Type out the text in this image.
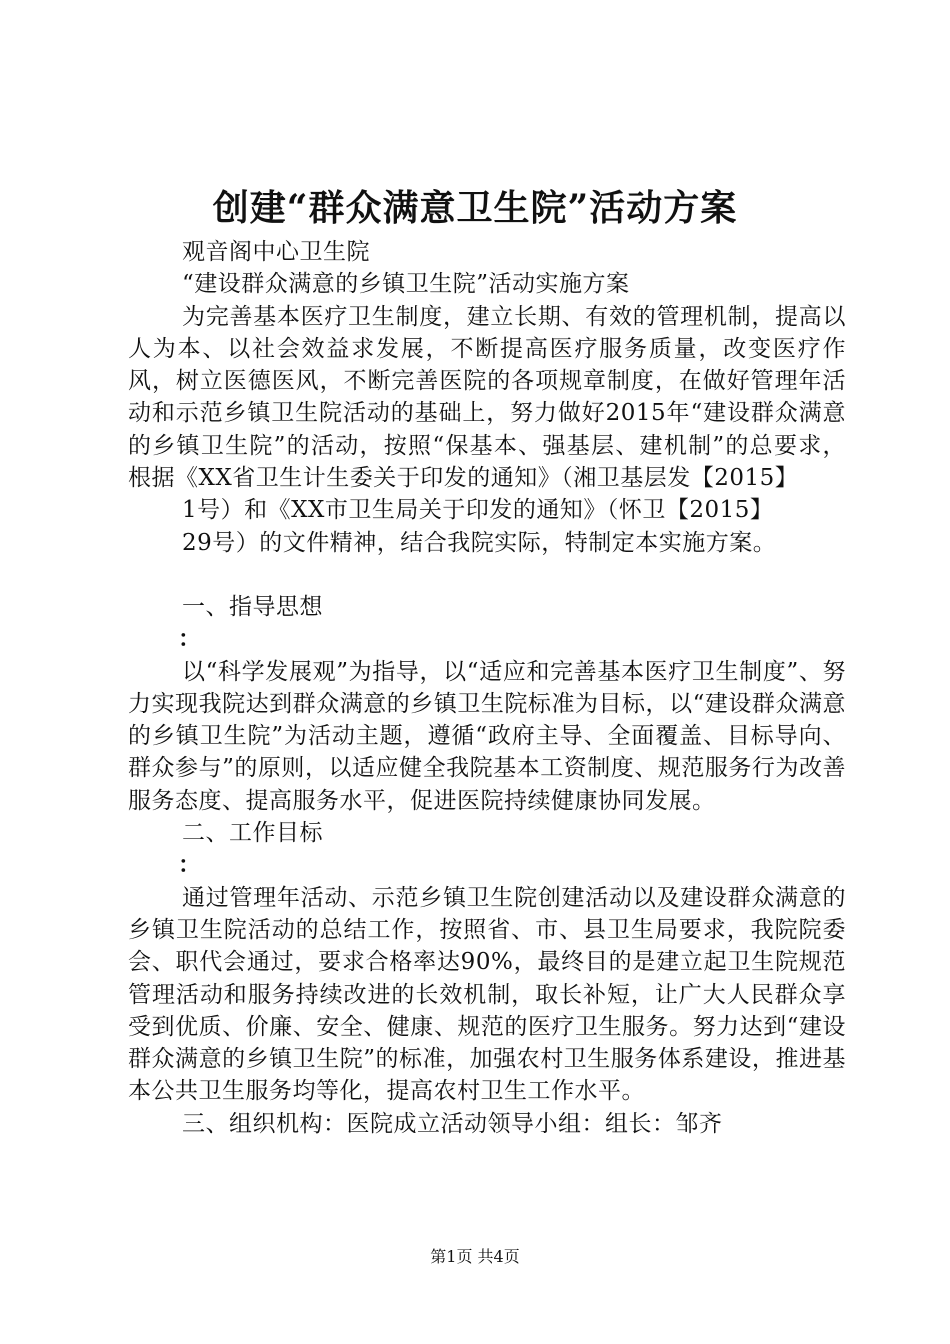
创建“群众满意卫生院”活动方案

观音阁中心卫生院

“建设群众满意的乡镇卫生院”活动实施方案

为完善基本医疗卫生制度，建立长期、有效的管理机制，提高以人为本、以社会效益求发展，不断提高医疗服务质量，改变医疗作风，树立医德医风，不断完善医院的各项规章制度，在做好管理年活动和示范乡镇卫生院活动的基础上，努力做好2015年“建设群众满意的乡镇卫生院”的活动，按照“保基本、强基层、建机制”的总要求，根据《XX省卫生计生委关于印发的通知》（湘卫基层发【2015】

1号）和《XX市卫生局关于印发的通知》（怀卫【2015】

29号）的文件精神，结合我院实际，特制定本实施方案。

一、指导思想

：

以“科学发展观”为指导，以“适应和完善基本医疗卫生制度”、努力实现我院达到群众满意的乡镇卫生院标准为目标，以“建设群众满意的乡镇卫生院”为活动主题，遵循“政府主导、全面覆盖、目标导向、群众参与”的原则，以适应健全我院基本工资制度、规范服务行为改善服务态度、提高服务水平，促进医院持续健康协同发展。

二、工作目标

：

通过管理年活动、示范乡镇卫生院创建活动以及建设群众满意的乡镇卫生院活动的总结工作，按照省、市、县卫生局要求，我院院委会、职代会通过，要求合格率达90%，最终目的是建立起卫生院规范管理活动和服务持续改进的长效机制，取长补短，让广大人民群众享受到优质、价廉、安全、健康、规范的医疗卫生服务。努力达到“建设群众满意的乡镇卫生院”的标准，加强农村卫生服务体系建设，推进基本公共卫生服务均等化，提高农村卫生工作水平。

三、组织机构：医院成立活动领导小组：组长：邹齐

第1页 共4页
